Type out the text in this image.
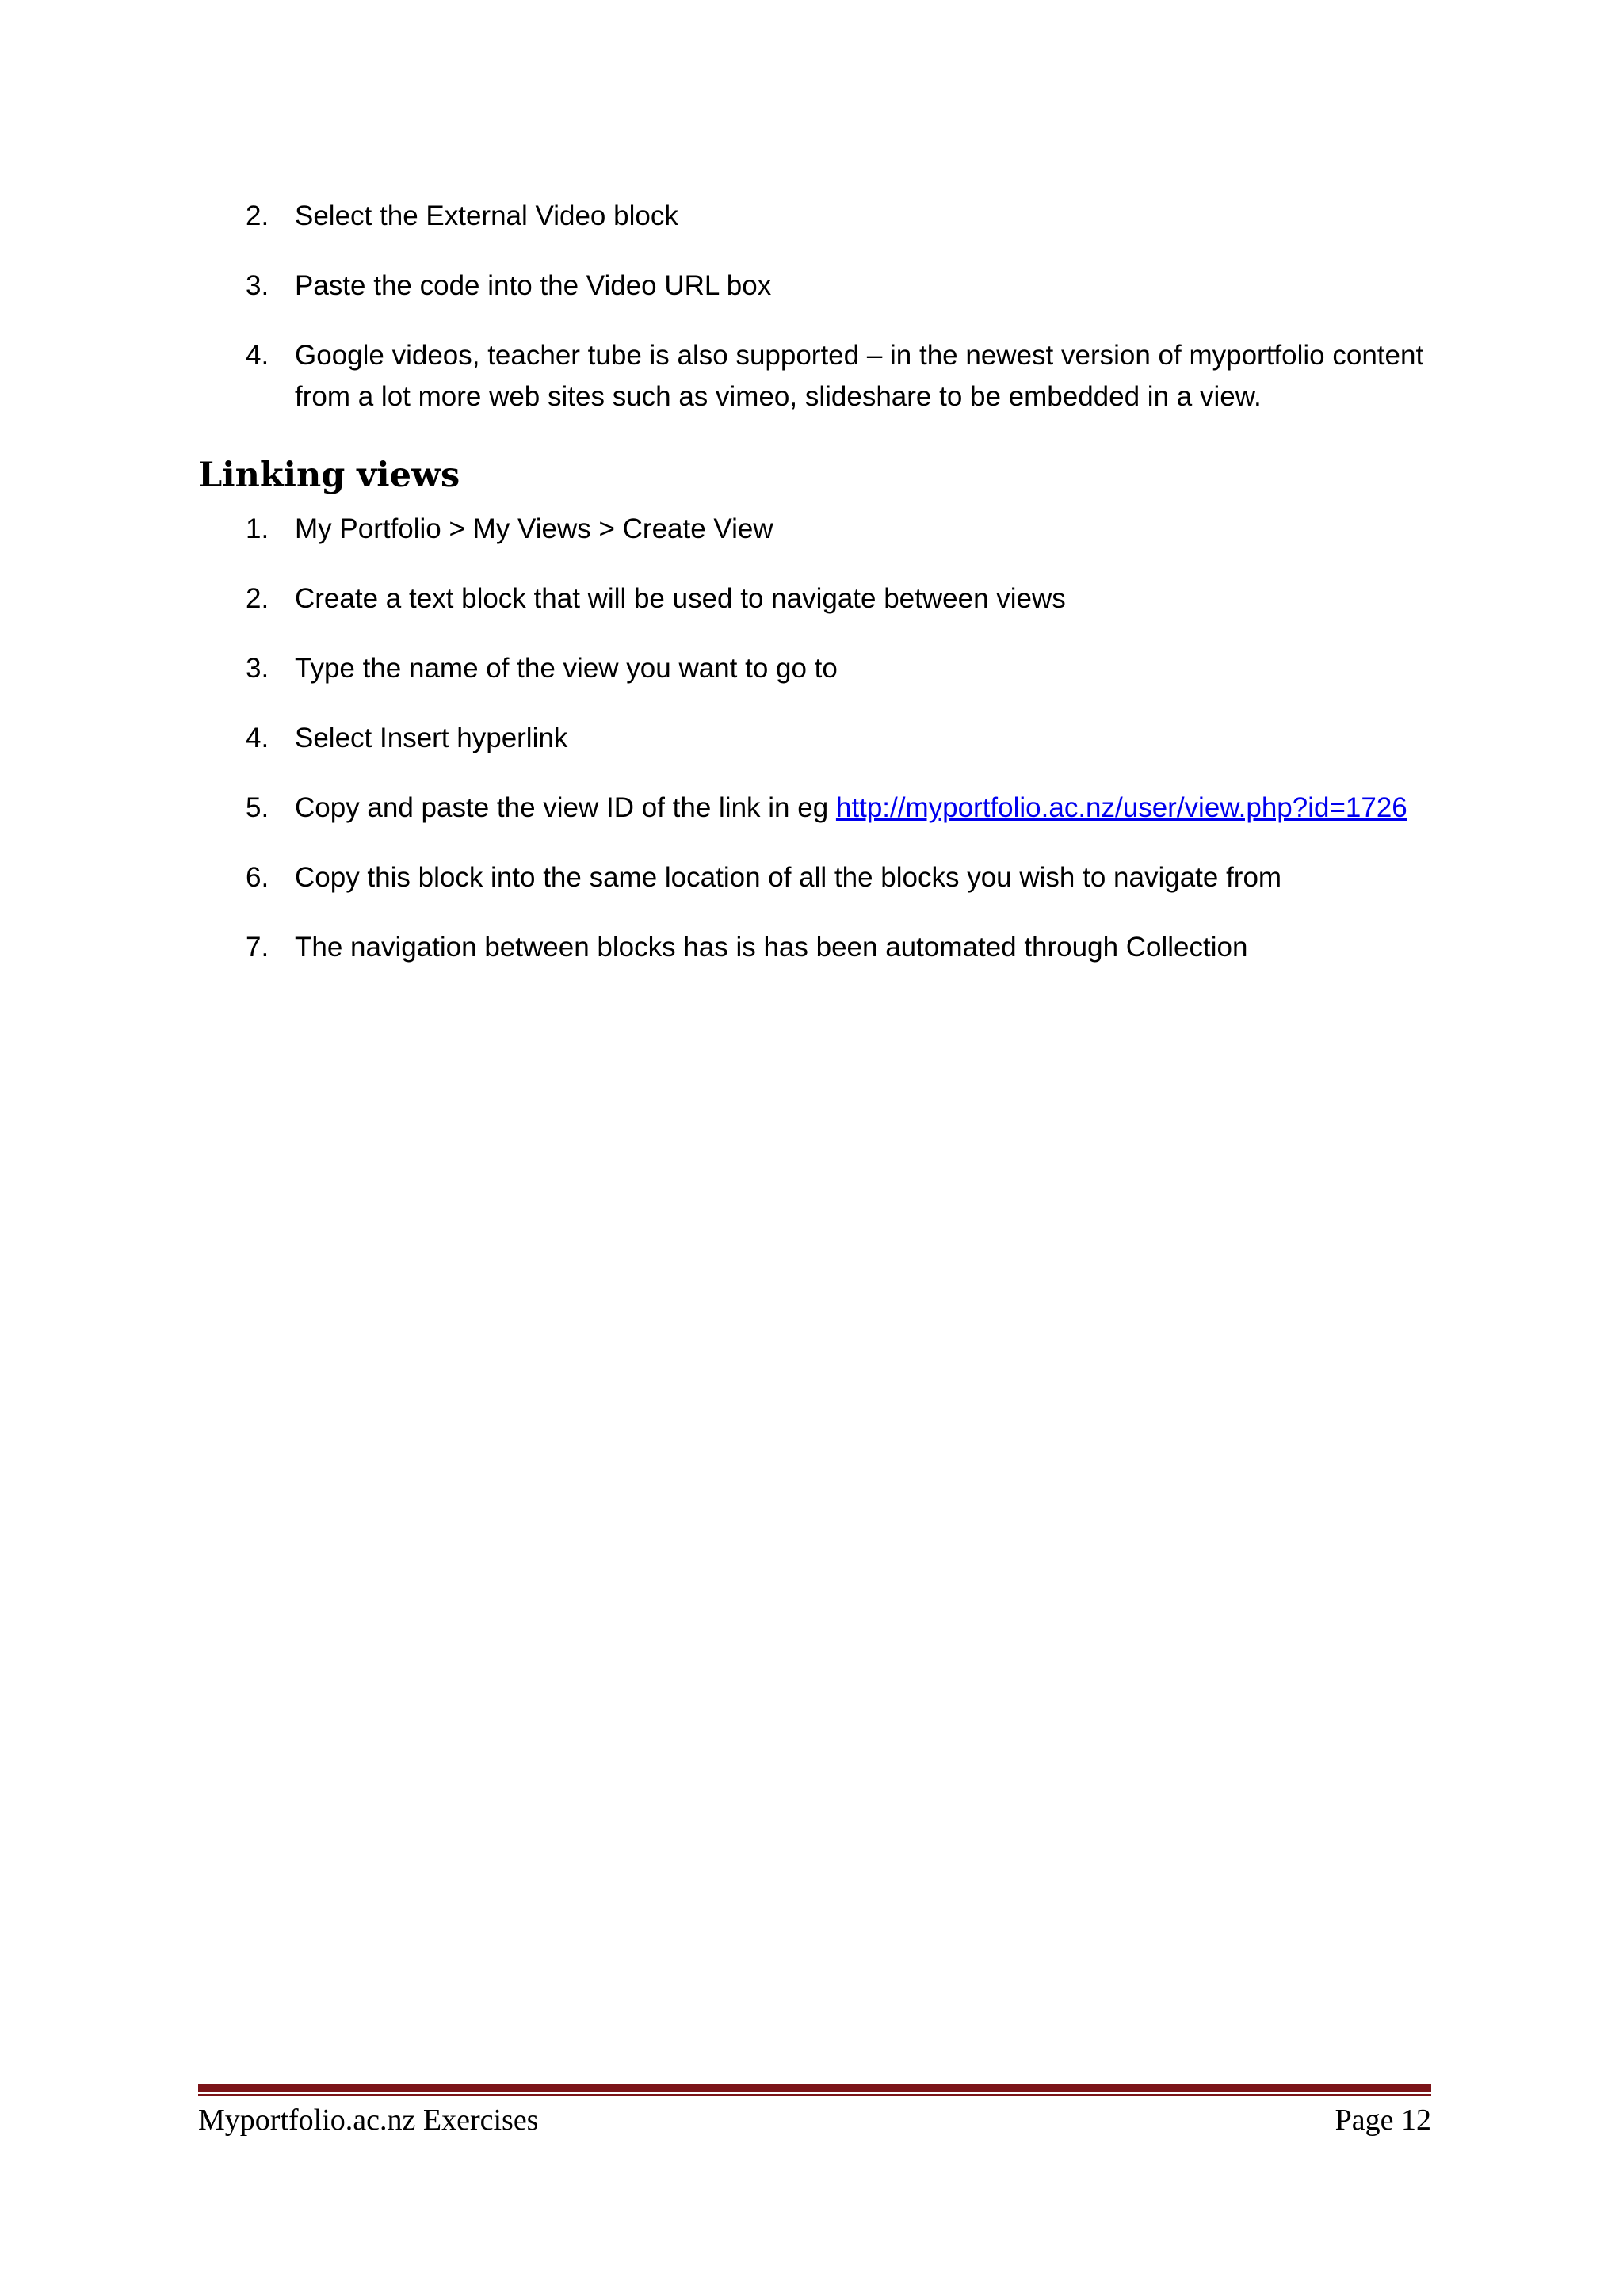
2. Select the External Video block
3. Paste the code into the Video URL box
4. Google videos, teacher tube is also supported – in the newest version of myportfolio content from a lot more web sites such as vimeo, slideshare to be embedded in a view.
Linking views
1. My Portfolio > My Views > Create View
2. Create a text block that will be used to navigate between views
3. Type the name of the view you want to go to
4. Select Insert hyperlink
5. Copy and paste the view ID of the link in eg http://myportfolio.ac.nz/user/view.php?id=1726
6. Copy this block into the same location of all the blocks you wish to navigate from
7. The navigation between blocks has is has been automated through Collection
Myportfolio.ac.nz Exercises	Page 12
